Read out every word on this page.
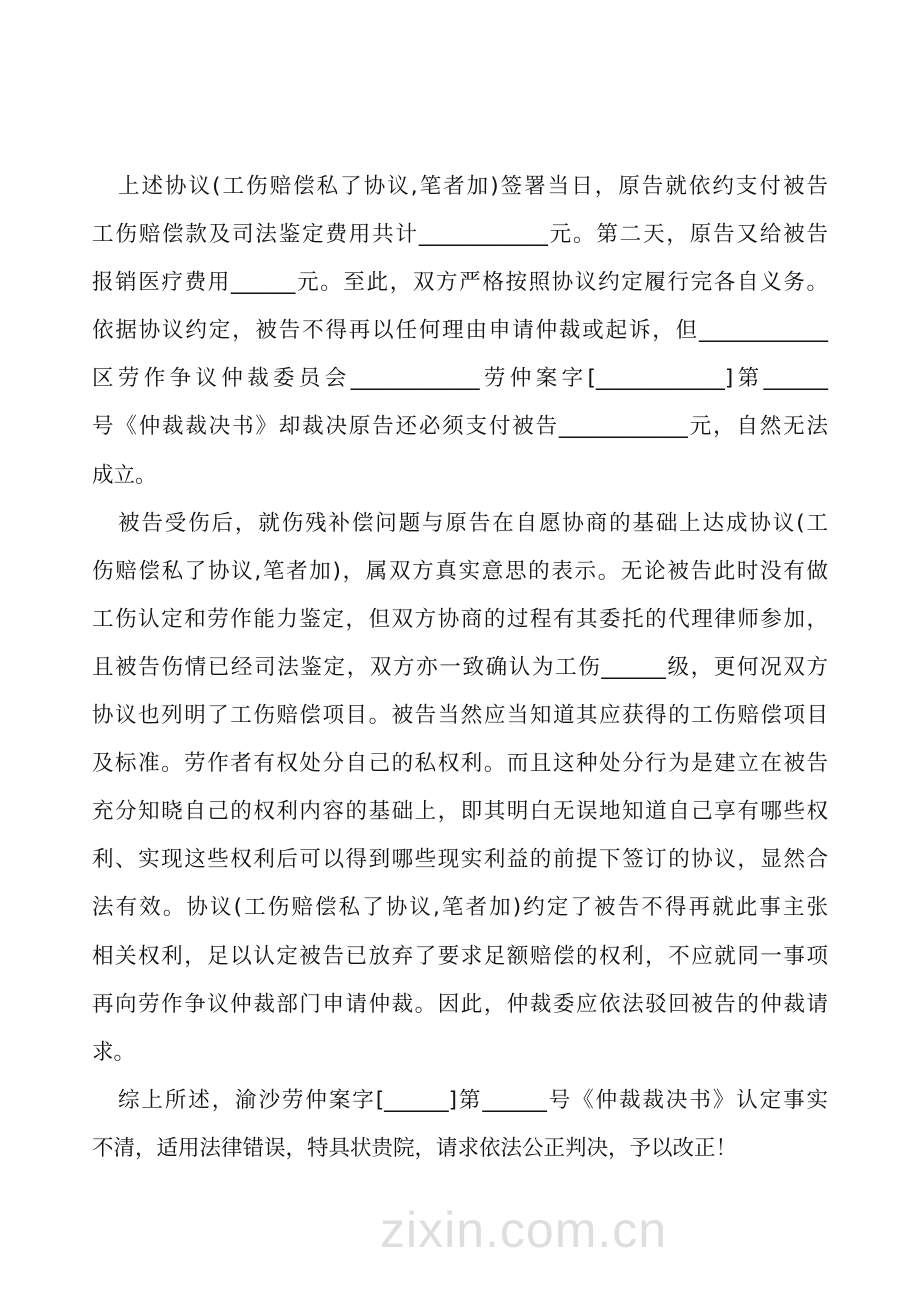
zixin.com.cn
上述协议(工伤赔偿私了协议,笔者加)签署当日，原告就依约支付被告
工伤赔偿款及司法鉴定费用共计____________元。第二天，原告又给被告
报销医疗费用______元。至此，双方严格按照协议约定履行完各自义务。
依据协议约定，被告不得再以任何理由申请仲裁或起诉，但____________
区劳作争议仲裁委员会____________劳仲案字[____________]第______
号《仲裁裁决书》却裁决原告还必须支付被告____________元，自然无法
成立。
被告受伤后，就伤残补偿问题与原告在自愿协商的基础上达成协议(工
伤赔偿私了协议,笔者加)，属双方真实意思的表示。无论被告此时没有做
工伤认定和劳作能力鉴定，但双方协商的过程有其委托的代理律师参加，
且被告伤情已经司法鉴定，双方亦一致确认为工伤______级，更何况双方
协议也列明了工伤赔偿项目。被告当然应当知道其应获得的工伤赔偿项目
及标准。劳作者有权处分自己的私权利。而且这种处分行为是建立在被告
充分知晓自己的权利内容的基础上，即其明白无误地知道自己享有哪些权
利、实现这些权利后可以得到哪些现实利益的前提下签订的协议，显然合
法有效。协议(工伤赔偿私了协议,笔者加)约定了被告不得再就此事主张
相关权利，足以认定被告已放弃了要求足额赔偿的权利，不应就同一事项
再向劳作争议仲裁部门申请仲裁。因此，仲裁委应依法驳回被告的仲裁请
求。
综上所述，渝沙劳仲案字[______]第______号《仲裁裁决书》认定事实
不清，适用法律错误，特具状贵院，请求依法公正判决，予以改正！
